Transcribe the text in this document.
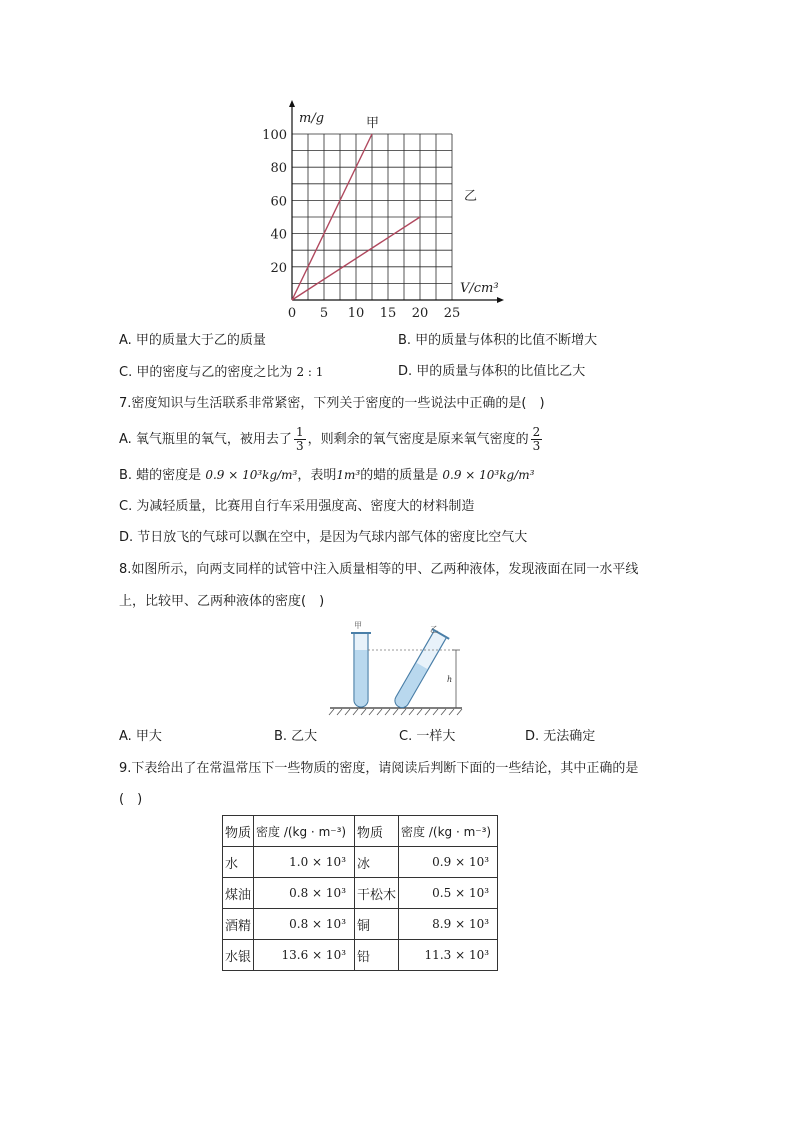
甲
乙
0 5 10 15 20 25
20
40
60
80
100
m/g
V/cm³
A. 甲的质量大于乙的质量	B. 甲的质量与体积的比值不断增大
C. 甲的密度与乙的密度之比为 2 : 1	D. 甲的质量与体积的比值比乙大
7.密度知识与生活联系非常紧密，下列关于密度的一些说法中正确的是(　)
A. 氧气瓶里的氧气，被用去了 $\frac{1}{3}$ ，则剩余的氧气密度是原来氧气密度的 $\frac{2}{3}$
B. 蜡的密度是 0.9 × 10³kg/m³，表明1m³的蜡的质量是 0.9 × 10³kg/m³
C. 为减轻质量，比赛用自行车采用强度高、密度大的材料制造
D. 节日放飞的气球可以飘在空中，是因为气球内部气体的密度比空气大
8.如图所示，向两支同样的试管中注入质量相等的甲、乙两种液体，发现液面在同一水平线
上，比较甲、乙两种液体的密度(　)
h
甲	乙
A. 甲大	B. 乙大	C. 一样大	D. 无法确定
9.下表给出了在常温常压下一些物质的密度，请阅读后判断下面的一些结论，其中正确的是
(　)
物质	密度 /(kg · m⁻³)	物质	密度 /(kg · m⁻³)
水	1.0 × 10³	冰	0.9 × 10³
煤油	0.8 × 10³	干松木	0.5 × 10³
酒精	0.8 × 10³	铜	8.9 × 10³
水银	13.6 × 10³	铅	11.3 × 10³
